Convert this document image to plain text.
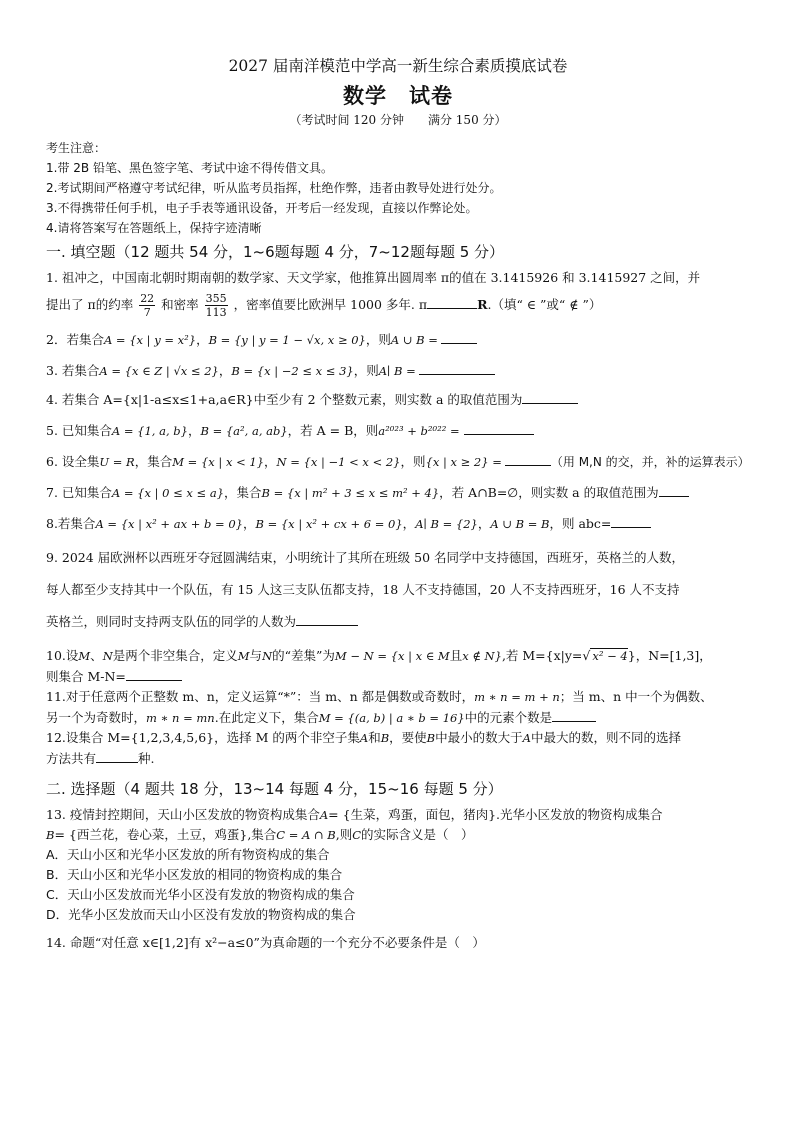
2027 届南洋模范中学高一新生综合素质摸底试卷
数学　试卷
（考试时间 120 分钟　　满分 150 分）
考生注意：
1.带 2B 铅笔、黑色签字笔、考试中途不得传借文具。
2.考试期间严格遵守考试纪律，听从监考员指挥，杜绝作弊，违者由教导处进行处分。
3.不得携带任何手机，电子手表等通讯设备，开考后一经发现，直接以作弊论处。
4.请将答案写在答题纸上，保持字迹清晰
一. 填空题（12 题共 54 分，1~6题每题 4 分，7~12题每题 5 分）
1. 祖冲之，中国南北朝时期南朝的数学家、天文学家，他推算出圆周率 π的值在 3.1415926 和 3.1415927 之间，并
提出了 π的约率 $\frac{22}{7}$ 和密率 $\frac{355}{113}$ ，密率值要比欧洲早 1000 多年. π	R.（填“ ∈ ”或“ ∉ ”）
2．若集合A = {x | y = x²}，B = {y | y = 1 − √x, x ≥ 0}，则A ∪ B =
3. 若集合A = {x ∈ Z | √x ≤ 2}，B = {x | −2 ≤ x ≤ 3}，则A∣ B =
4. 若集合 A={x|1-a≤x≤1+a,a∈R}中至少有 2 个整数元素，则实数 a 的取值范围为
5. 已知集合A = {1, a, b}，B = {a², a, ab}，若 A = B，则a²⁰²³ + b²⁰²² =
6. 设全集U = R，集合M = {x | x < 1}，N = {x | −1 < x < 2}，则{x | x ≥ 2} =	（用 M,N 的交，并，补的运算表示）
7. 已知集合A = {x | 0 ≤ x ≤ a}，集合B = {x | m² + 3 ≤ x ≤ m² + 4}，若 A∩B=∅，则实数 a 的取值范围为
8.若集合A = {x | x² + ax + b = 0}，B = {x | x² + cx + 6 = 0}，A∣ B = {2}，A ∪ B = B，则 abc=
9. 2024 届欧洲杯以西班牙夺冠圆满结束，小明统计了其所在班级 50 名同学中支持德国，西班牙，英格兰的人数，
每人都至少支持其中一个队伍，有 15 人这三支队伍都支持，18 人不支持德国，20 人不支持西班牙，16 人不支持
英格兰，则同时支持两支队伍的同学的人数为
10.设M、N是两个非空集合，定义M与N的“差集”为M − N = {x | x ∈ M且x ∉ N},若 M={x|y=√ x² − 4}，N=[1,3]，
则集合 M-N=
11.对于任意两个正整数 m、n，定义运算“*”：当 m、n 都是偶数或奇数时，m ∗ n = m + n；当 m、n 中一个为偶数、
另一个为奇数时，m ∗ n = mn.在此定义下，集合M = {(a, b) | a ∗ b = 16}中的元素个数是
12.设集合 M={1,2,3,4,5,6}，选择 M 的两个非空子集A和B，要使B中最小的数大于A中最大的数，则不同的选择
方法共有	种.
二. 选择题（4 题共 18 分，13~14 每题 4 分，15~16 每题 5 分）
13. 疫情封控期间，天山小区发放的物资构成集合A= {生菜，鸡蛋，面包，猪肉}.光华小区发放的物资构成集合
B= {西兰花，卷心菜，土豆，鸡蛋},集合C = A ∩ B,则C的实际含义是（　）
A．天山小区和光华小区发放的所有物资构成的集合
B．天山小区和光华小区发放的相同的物资构成的集合
C．天山小区发放而光华小区没有发放的物资构成的集合
D．光华小区发放而天山小区没有发放的物资构成的集合
14. 命题“对任意 x∈[1,2]有 x²−a≤0”为真命题的一个充分不必要条件是（　）
